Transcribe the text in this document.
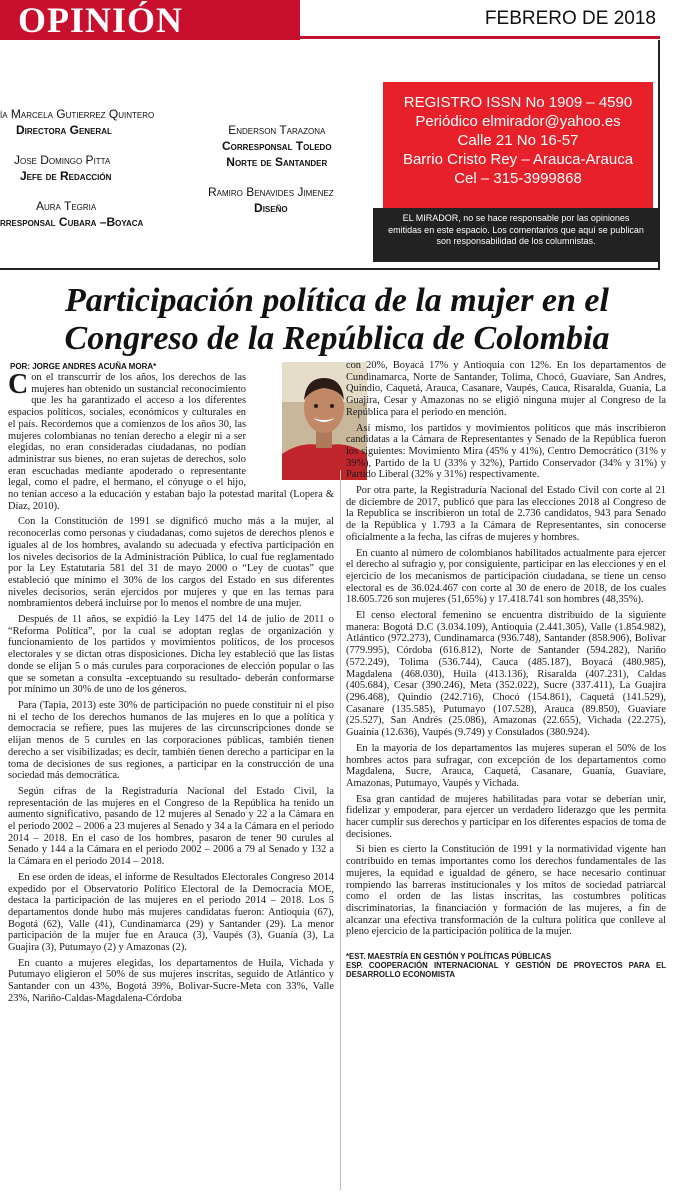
OPINIÓN	FEBRERO DE 2018
ía Marcela Gutierrez Quintero
Directora General
Jose Domingo Pitta
Jefe de Redacción
Aura Tegria
rresponsal Cubara –Boyaca
Enderson Tarazona
Corresponsal Toledo
Norte de Santander
Ramiro Benavides Jimenez
Diseño
REGISTRO ISSN No 1909 – 4590
Periódico elmirador@yahoo.es
Calle 21 No 16-57
Barrio Cristo Rey – Arauca-Arauca
Cel – 315-3999868
EL MIRADOR, no se hace responsable por las opiniones emitidas en este espacio. Los comentarios que aquí se publican son responsabilidad de los columnistas.
Participación política de la mujer en el
Congreso de la República de Colombia
POR: JORGE ANDRES ACUÑA MORA*

Con el transcurrir de los años, los derechos de las mujeres han obtenido un sustancial reconocimiento que les ha garantizado el acceso a los diferentes espacios políticos, sociales, económicos y culturales en el país. Recordemos que a comienzos de los años 30, las mujeres colombianas no tenían derecho a elegir ni a ser elegidas, no eran consideradas ciudadanas, no podían administrar sus bienes, no eran sujetas de derechos, solo eran escuchadas mediante apoderado o representante legal, como el padre, el hermano, el cónyuge o el hijo, no tenían acceso a la educación y estaban bajo la potestad marital (Lopera & Díaz, 2010).

Con la Constitución de 1991 se dignificó mucho más a la mujer, al reconocerlas como personas y ciudadanas, como sujetos de derechos plenos e iguales al de los hombres, avalando su adecuada y efectiva participación en los niveles decisorios de la Administración Pública, lo cual fue reglamentado por la Ley Estatutaria 581 del 31 de mayo 2000 o “Ley de cuotas” que estableció que mínimo el 30% de los cargos del Estado en sus diferentes niveles decisorios, serán ejercidos por mujeres y que en las ternas para nombramientos deberá incluirse por lo menos el nombre de una mujer.

Después de 11 años, se expidió la Ley 1475 del 14 de julio de 2011 o “Reforma Política”, por la cual se adoptan reglas de organización y funcionamiento de los partidos y movimientos políticos, de los procesos electorales y se dictan otras disposiciones. Dicha ley estableció que las listas donde se elijan 5 o más curules para corporaciones de elección popular o las que se sometan a consulta -exceptuando su resultado- deberán conformarse por mínimo un 30% de uno de los géneros.

Para (Tapia, 2013) este 30% de participación no puede constituir ni el piso ni el techo de los derechos humanos de las mujeres en lo que a política y democracia se refiere, pues las mujeres de las circunscripciones donde se elijan menos de 5 curules en las corporaciones públicas, también tienen derecho a ser visibilizadas; es decir, también tienen derecho a participar en la toma de decisiones de sus regiones, a participar en la construcción de una sociedad más democrática.

Según cifras de la Registraduría Nacional del Estado Civil, la representación de las mujeres en el Congreso de la República ha tenido un aumento significativo, pasando de 12 mujeres al Senado y 22 a la Cámara en el periodo 2002 – 2006 a 23 mujeres al Senado y 34 a la Cámara en el periodo 2014 – 2018. En el caso de los hombres, pasaron de tener 90 curules al Senado y 144 a la Cámara en el periodo 2002 – 2006 a 79 al Senado y 132 a la Cámara en el periodo 2014 – 2018.

En ese orden de ideas, el informe de Resultados Electorales Congreso 2014 expedido por el Observatorio Político Electoral de la Democracia MOE, destaca la participación de las mujeres en el periodo 2014 – 2018. Los 5 departamentos donde hubo más mujeres candidatas fueron: Antioquia (67), Bogotá (62), Valle (41), Cundinamarca (29) y Santander (29). La menor participación de la mujer fue en Arauca (3), Vaupés (3), Guanía (3), La Guajira (3), Putumayo (2) y Amazonas (2).

En cuanto a mujeres elegidas, los departamentos de Huila, Vichada y Putumayo eligieron el 50% de sus mujeres inscritas, seguido de Atlántico y Santander con un 43%, Bogotá 39%, Bolivar-Sucre-Meta con 33%, Valle 23%, Nariño-Caldas-Magdalena-Córdoba

con 20%, Boyacá 17% y Antioquia con 12%. En los departamentos de Cundinamarca, Norte de Santander, Tolima, Chocó, Guaviare, San Andres, Quindio, Caquetá, Arauca, Casanare, Vaupés, Cauca, Risaralda, Guania, La Guajira, Cesar y Amazonas no se eligió ninguna mujer al Congreso de la República para el periodo en mención.

Así mismo, los partidos y movimientos políticos que más inscribieron candidatas a la Cámara de Representantes y Senado de la República fueron los siguientes: Movimiento Mira (45% y 41%), Centro Democrático (31% y 39%), Partido de la U (33% y 32%), Partido Conservador (34% y 31%) y Partido Liberal (32% y 31%) respectivamente.

Por otra parte, la Registraduría Nacional del Estado Civil con corte al 21 de diciembre de 2017, publicó que para las elecciones 2018 al Congreso de la Republica se inscribieron un total de 2.736 candidatos, 943 para Senado de la República y 1.793 a la Cámara de Representantes, sin conocerse oficialmente a la fecha, las cifras de mujeres y hombres.

En cuanto al número de colombianos habilitados actualmente para ejercer el derecho al sufragio y, por consiguiente, participar en las elecciones y en el ejercicio de los mecanismos de participación ciudadana, se tiene un censo electoral es de 36.024.467 con corte al 30 de enero de 2018, de los cuales 18.605.726 son mujeres (51,65%) y 17.418.741 son hombres (48,35%).

El censo electoral femenino se encuentra distribuido de la siguiente manera: Bogotá D.C (3.034.109), Antioquia (2.441.305), Valle (1.854.982), Atlántico (972.273), Cundinamarca (936.748), Santander (858.906), Bolívar (779.995), Córdoba (616.812), Norte de Santander (594.282), Nariño (572.249), Tolima (536.744), Cauca (485.187), Boyacá (480.985), Magdalena (468.030), Huila (413.136), Risaralda (407.231), Caldas (405.684), Cesar (390.246), Meta (352.022), Sucre (337.411), La Guajira (296.468), Quindío (242.716), Chocó (154.861), Caquetá (141.529), Casanare (135.585), Putumayo (107.528), Arauca (89.850), Guaviare (25.527), San Andrés (25.086), Amazonas (22.655), Vichada (22.275), Guainía (12.636), Vaupés (9.749) y Consulados (380.924).

En la mayoría de los departamentos las mujeres superan el 50% de los hombres actos para sufragar, con excepción de los departamentos como Magdalena, Sucre, Arauca, Caquetá, Casanare, Guanía, Guaviare, Amazonas, Putumayo, Vaupés y Vichada.

Esa gran cantidad de mujeres habilitadas para votar se deberían unir, fidelizar y empoderar, para ejercer un verdadero liderazgo que les permita hacer cumplir sus derechos y participar en los diferentes espacios de toma de decisiones.

Si bien es cierto la Constitución de 1991 y la normatividad vigente han contribuido en temas importantes como los derechos fundamentales de las mujeres, la equidad e igualdad de género, se hace necesario continuar rompiendo las barreras institucionales y los mitos de sociedad patriarcal como el orden de las listas inscritas, las costumbres políticas discriminatorias, la financiación y formación de las mujeres, a fin de alcanzar una efectiva transformación de la cultura política que conlleve al pleno ejercicio de la participación política de la mujer.

*EST. MAESTRÍA EN GESTIÓN Y POLÍTICAS PÚBLICAS
ESP. COOPERACIÓN INTERNACIONAL Y GESTIÓN DE PROYECTOS PARA EL DESARROLLO ECONOMISTA
